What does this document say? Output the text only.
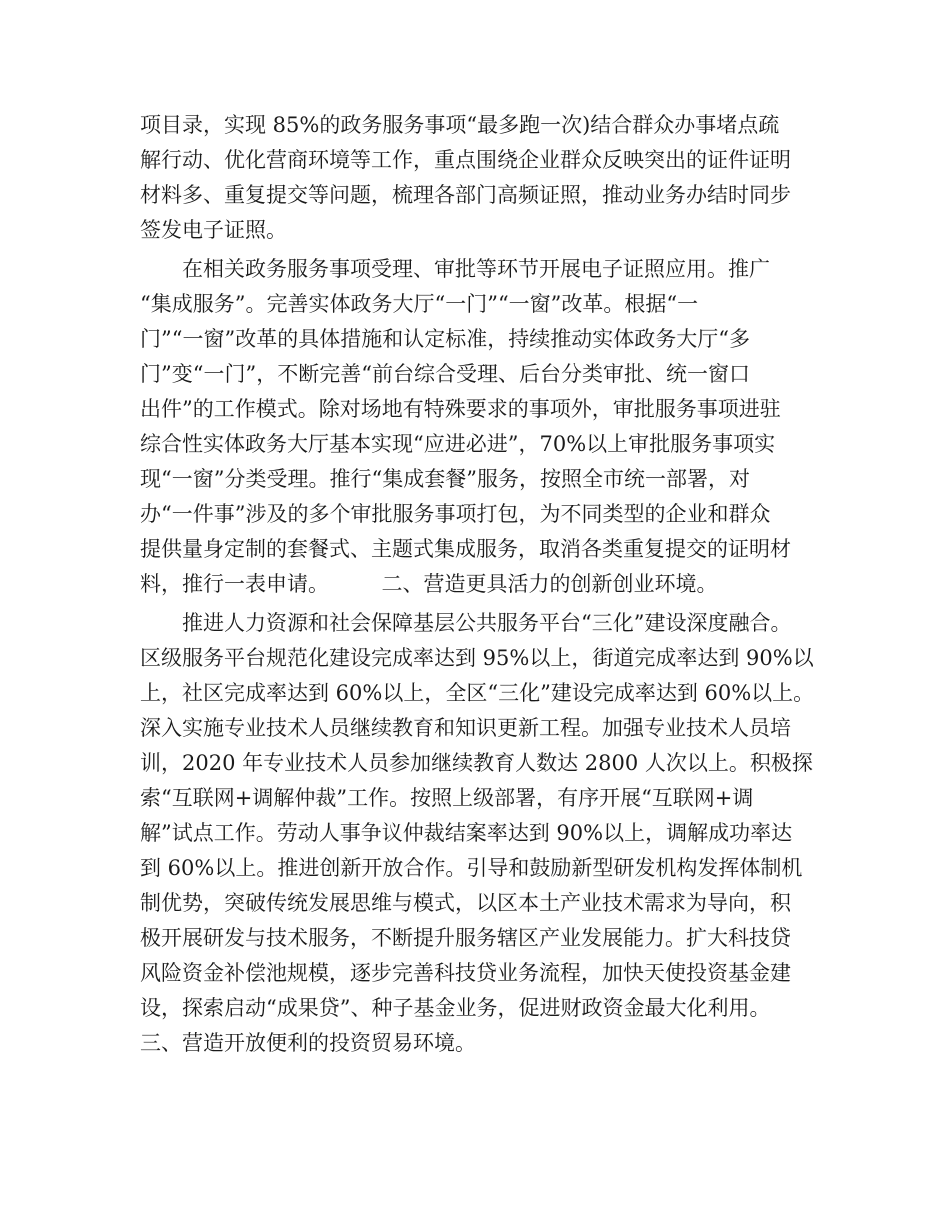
项目录，实现 85%的政务服务事项“最多跑一次)结合群众办事堵点疏
解行动、优化营商环境等工作，重点围绕企业群众反映突出的证件证明
材料多、重复提交等问题，梳理各部门高频证照，推动业务办结时同步
签发电子证照。
　　在相关政务服务事项受理、审批等环节开展电子证照应用。推广
“集成服务”。完善实体政务大厅“一门”“一窗”改革。根据“一
门”“一窗”改革的具体措施和认定标准，持续推动实体政务大厅“多
门”变“一门”，不断完善“前台综合受理、后台分类审批、统一窗口
出件”的工作模式。除对场地有特殊要求的事项外，审批服务事项进驻
综合性实体政务大厅基本实现“应进必进”，70%以上审批服务事项实
现“一窗”分类受理。推行“集成套餐”服务，按照全市统一部署，对
办“一件事”涉及的多个审批服务事项打包，为不同类型的企业和群众
提供量身定制的套餐式、主题式集成服务，取消各类重复提交的证明材
料，推行一表申请。　　　二、营造更具活力的创新创业环境。
　　推进人力资源和社会保障基层公共服务平台“三化”建设深度融合。
区级服务平台规范化建设完成率达到 95%以上，街道完成率达到 90%以
上，社区完成率达到 60%以上，全区“三化”建设完成率达到 60%以上。
深入实施专业技术人员继续教育和知识更新工程。加强专业技术人员培
训，2020 年专业技术人员参加继续教育人数达 2800 人次以上。积极探
索“互联网+调解仲裁”工作。按照上级部署，有序开展“互联网+调
解”试点工作。劳动人事争议仲裁结案率达到 90%以上，调解成功率达
到 60%以上。推进创新开放合作。引导和鼓励新型研发机构发挥体制机
制优势，突破传统发展思维与模式，以区本土产业技术需求为导向，积
极开展研发与技术服务，不断提升服务辖区产业发展能力。扩大科技贷
风险资金补偿池规模，逐步完善科技贷业务流程，加快天使投资基金建
设，探索启动“成果贷”、种子基金业务，促进财政资金最大化利用。
三、营造开放便利的投资贸易环境。
